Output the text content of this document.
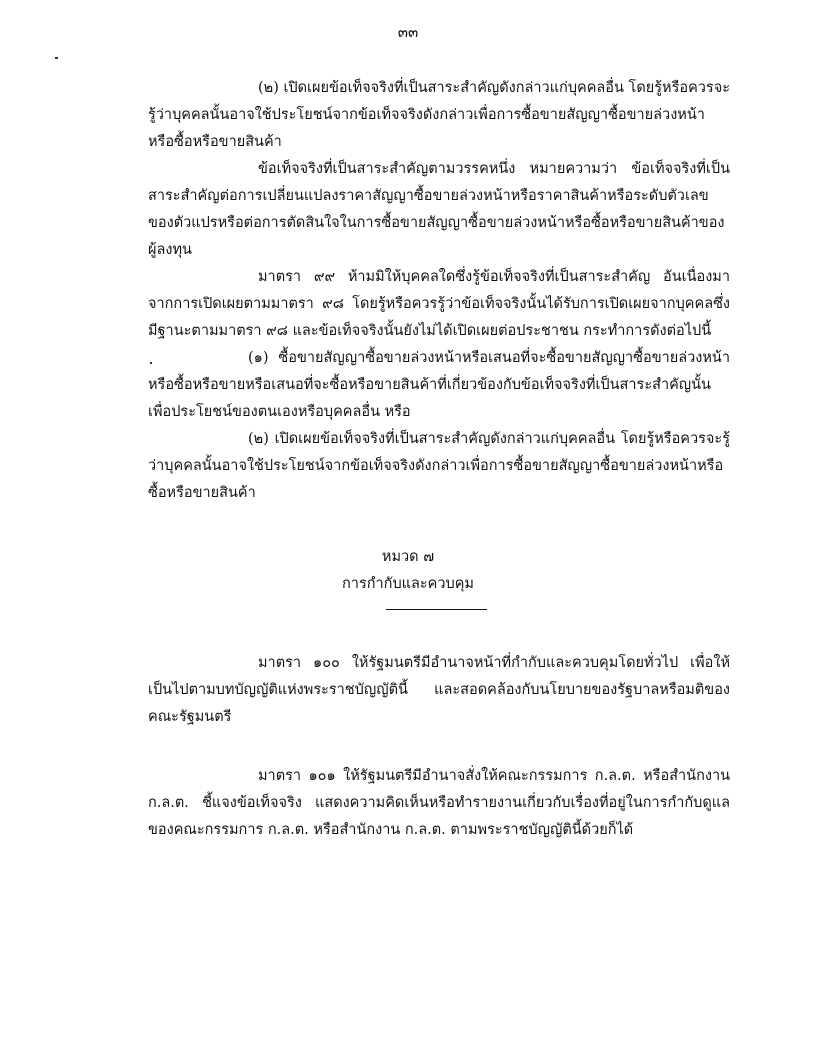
๓๓
(๒) เปิดเผยข้อเท็จจริงที่เป็นสาระสำคัญดังกล่าวแก่บุคคลอื่น โดยรู้หรือควรจะรู้ว่าบุคคลนั้นอาจใช้ประโยชน์จากข้อเท็จจริงดังกล่าวเพื่อการซื้อขายสัญญาซื้อขายล่วงหน้าหรือซื้อหรือขายสินค้า
ข้อเท็จจริงที่เป็นสาระสำคัญตามวรรคหนึ่ง หมายความว่า ข้อเท็จจริงที่เป็นสาระสำคัญต่อการเปลี่ยนแปลงราคาสัญญาซื้อขายล่วงหน้าหรือราคาสินค้าหรือระดับตัวเลขของตัวแปรหรือต่อการตัดสินใจในการซื้อขายสัญญาซื้อขายล่วงหน้าหรือซื้อหรือขายสินค้าของผู้ลงทุน
มาตรา ๙๙ ห้ามมิให้บุคคลใดซึ่งรู้ข้อเท็จจริงที่เป็นสาระสำคัญ อันเนื่องมาจากการเปิดเผยตามมาตรา ๙๘ โดยรู้หรือควรรู้ว่าข้อเท็จจริงนั้นได้รับการเปิดเผยจากบุคคลซึ่งมีฐานะตามมาตรา ๙๘ และข้อเท็จจริงนั้นยังไม่ได้เปิดเผยต่อประชาชน กระทำการดังต่อไปนี้
(๑) ซื้อขายสัญญาซื้อขายล่วงหน้าหรือเสนอที่จะซื้อขายสัญญาซื้อขายล่วงหน้าหรือซื้อหรือขายหรือเสนอที่จะซื้อหรือขายสินค้าที่เกี่ยวข้องกับข้อเท็จจริงที่เป็นสาระสำคัญนั้นเพื่อประโยชน์ของตนเองหรือบุคคลอื่น หรือ
(๒) เปิดเผยข้อเท็จจริงที่เป็นสาระสำคัญดังกล่าวแก่บุคคลอื่น โดยรู้หรือควรจะรู้ว่าบุคคลนั้นอาจใช้ประโยชน์จากข้อเท็จจริงดังกล่าวเพื่อการซื้อขายสัญญาซื้อขายล่วงหน้าหรือซื้อหรือขายสินค้า
หมวด ๗
การกำกับและควบคุม
มาตรา ๑๐๐ ให้รัฐมนตรีมีอำนาจหน้าที่กำกับและควบคุมโดยทั่วไป เพื่อให้เป็นไปตามบทบัญญัติแห่งพระราชบัญญัตินี้ และสอดคล้องกับนโยบายของรัฐบาลหรือมติของคณะรัฐมนตรี
มาตรา ๑๐๑ ให้รัฐมนตรีมีอำนาจสั่งให้คณะกรรมการ ก.ล.ต. หรือสำนักงาน ก.ล.ต. ชี้แจงข้อเท็จจริง แสดงความคิดเห็นหรือทำรายงานเกี่ยวกับเรื่องที่อยู่ในการกำกับดูแลของคณะกรรมการ ก.ล.ต. หรือสำนักงาน ก.ล.ต. ตามพระราชบัญญัตินี้ด้วยก็ได้
